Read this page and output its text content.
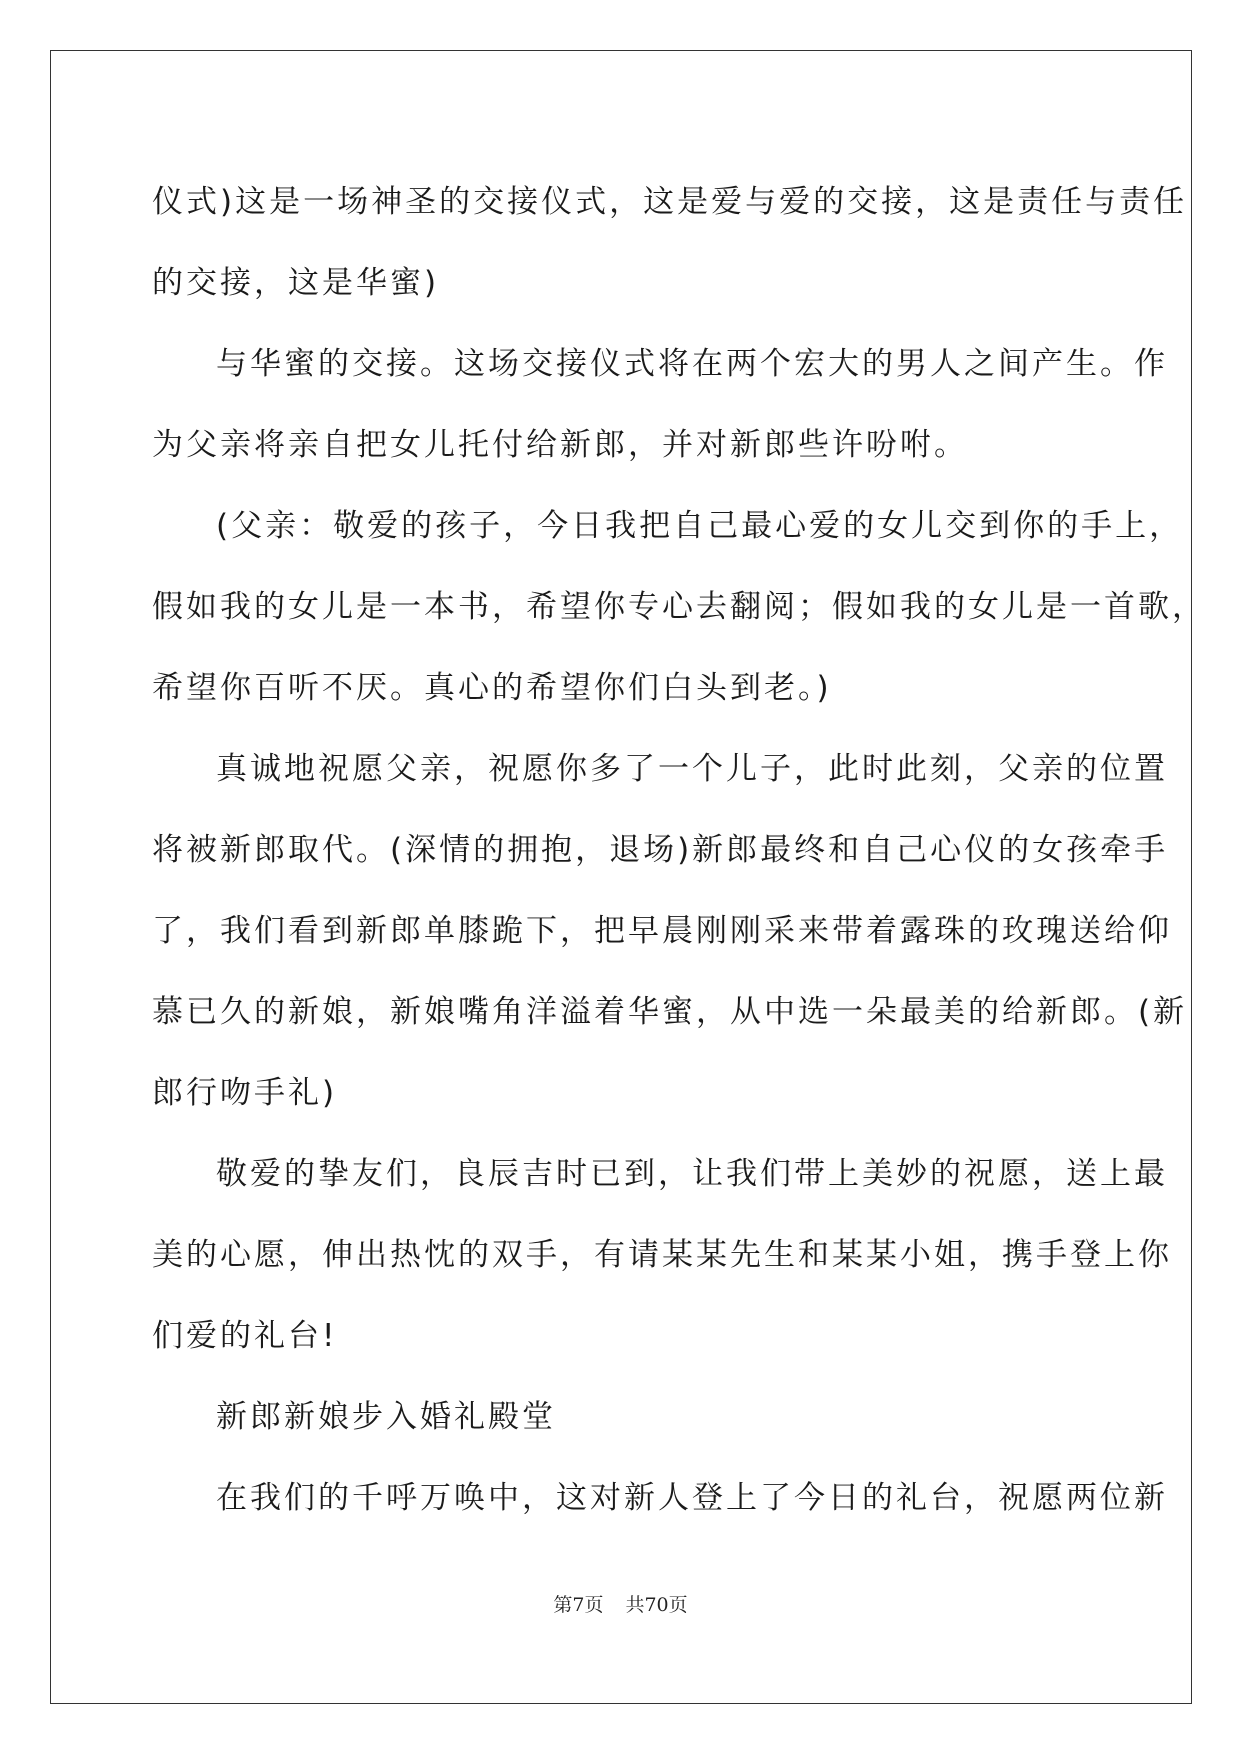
仪式)这是一场神圣的交接仪式，这是爱与爱的交接，这是责任与责任

的交接，这是华蜜)

与华蜜的交接。这场交接仪式将在两个宏大的男人之间产生。作

为父亲将亲自把女儿托付给新郎，并对新郎些许吩咐。

(父亲：敬爱的孩子，今日我把自己最心爱的女儿交到你的手上，

假如我的女儿是一本书，希望你专心去翻阅；假如我的女儿是一首歌，

希望你百听不厌。真心的希望你们白头到老。)

真诚地祝愿父亲，祝愿你多了一个儿子，此时此刻，父亲的位置

将被新郎取代。(深情的拥抱，退场)新郎最终和自己心仪的女孩牵手

了，我们看到新郎单膝跪下，把早晨刚刚采来带着露珠的玫瑰送给仰

慕已久的新娘，新娘嘴角洋溢着华蜜，从中选一朵最美的给新郎。(新

郎行吻手礼)

敬爱的挚友们，良辰吉时已到，让我们带上美妙的祝愿，送上最

美的心愿，伸出热忱的双手，有请某某先生和某某小姐，携手登上你

们爱的礼台!

新郎新娘步入婚礼殿堂

在我们的千呼万唤中，这对新人登上了今日的礼台，祝愿两位新

第7页 共70页
